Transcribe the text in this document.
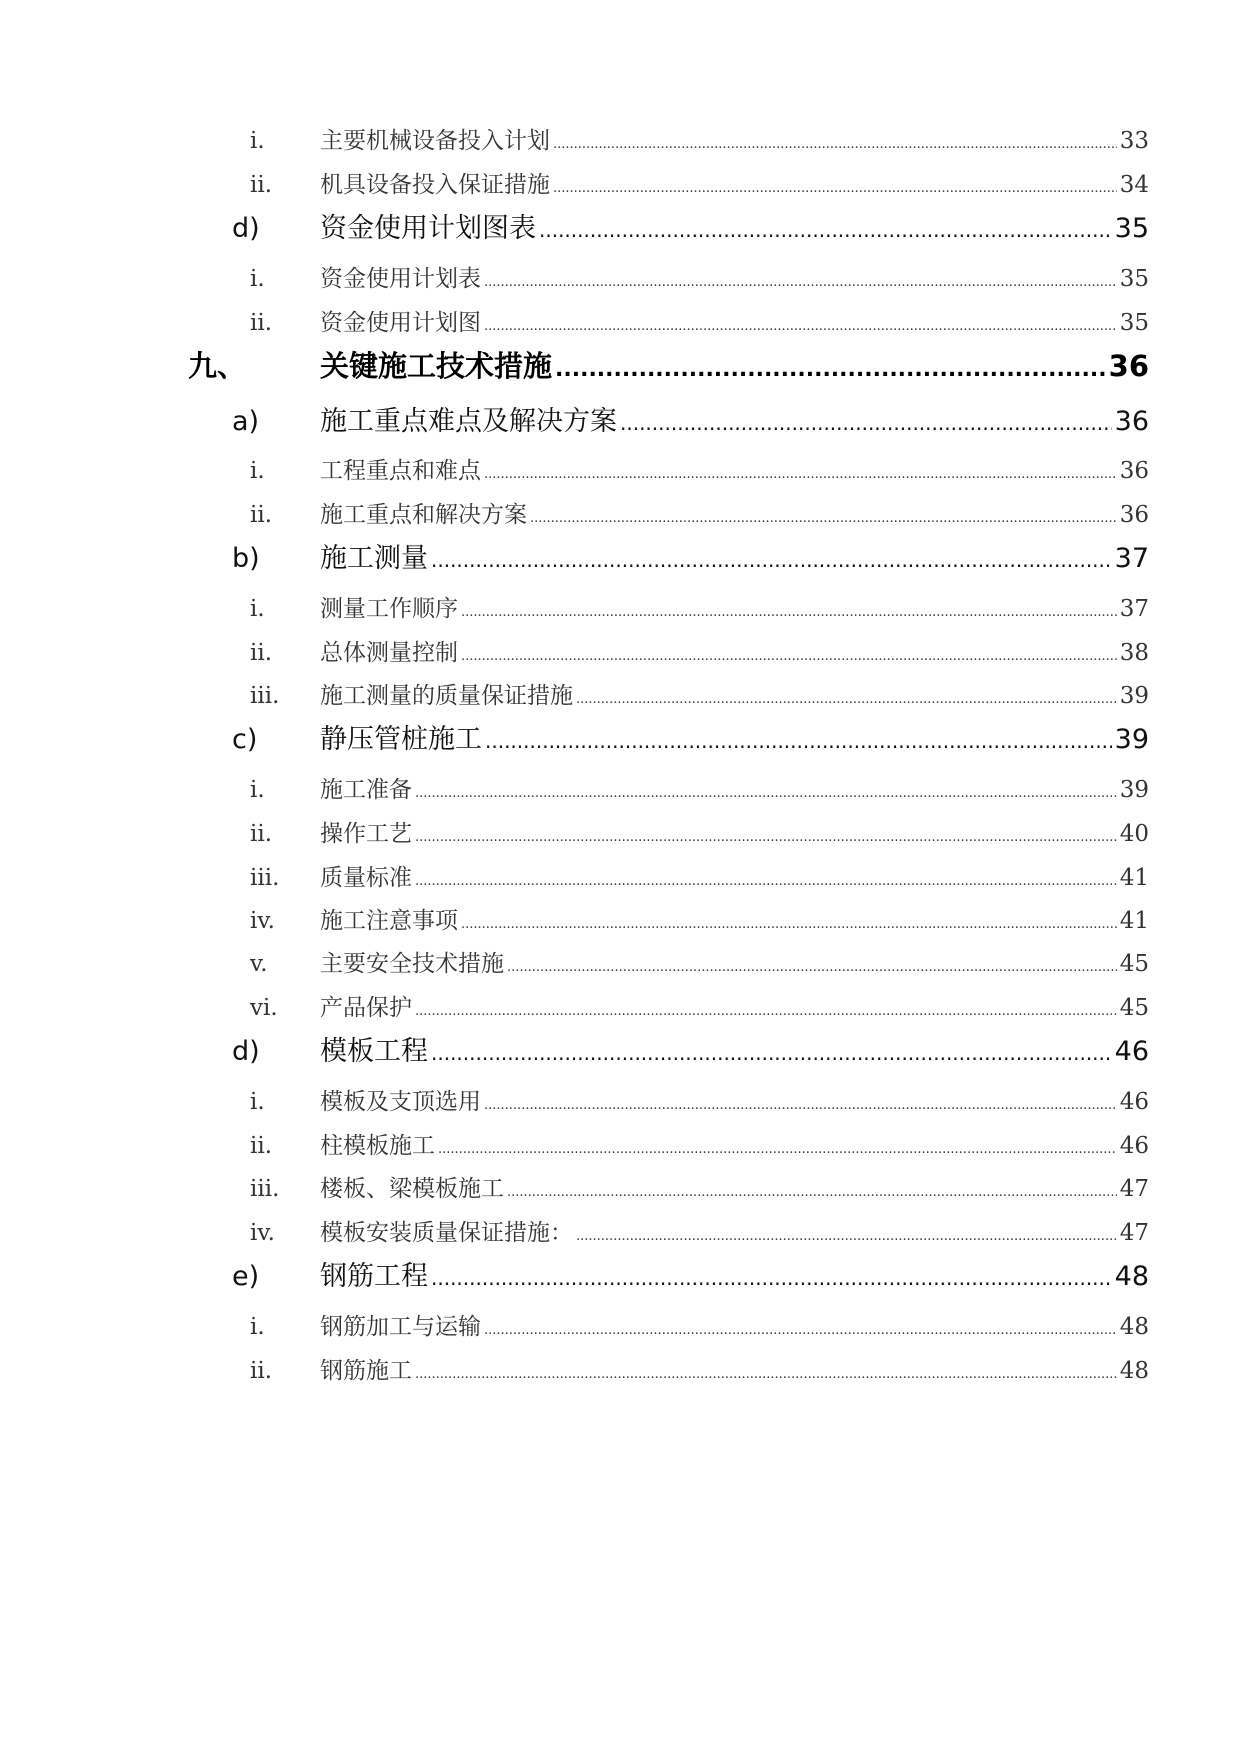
i. 主要机械设备投入计划 .....	33
ii. 机具设备投入保证措施 .....	34
d) 资金使用计划图表 .....	35
i. 资金使用计划表 .....	35
ii. 资金使用计划图 .....	35
九、	关键施工技术措施 .....	36
a) 施工重点难点及解决方案 .....	36
i. 工程重点和难点 .....	36
ii. 施工重点和解决方案 .....	36
b) 施工测量 .....	37
i. 测量工作顺序 .....	37
ii. 总体测量控制 .....	38
iii. 施工测量的质量保证措施 .....	39
c) 静压管桩施工 .....	39
i. 施工准备 .....	39
ii. 操作工艺 .....	40
iii. 质量标准 .....	41
iv. 施工注意事项 .....	41
v. 主要安全技术措施 .....	45
vi. 产品保护 .....	45
d) 模板工程 .....	46
i. 模板及支顶选用 .....	46
ii. 柱模板施工 .....	46
iii. 楼板、梁模板施工 .....	47
iv. 模板安装质量保证措施： .....	47
e) 钢筋工程 .....	48
i. 钢筋加工与运输 .....	48
ii. 钢筋施工 .....	48
